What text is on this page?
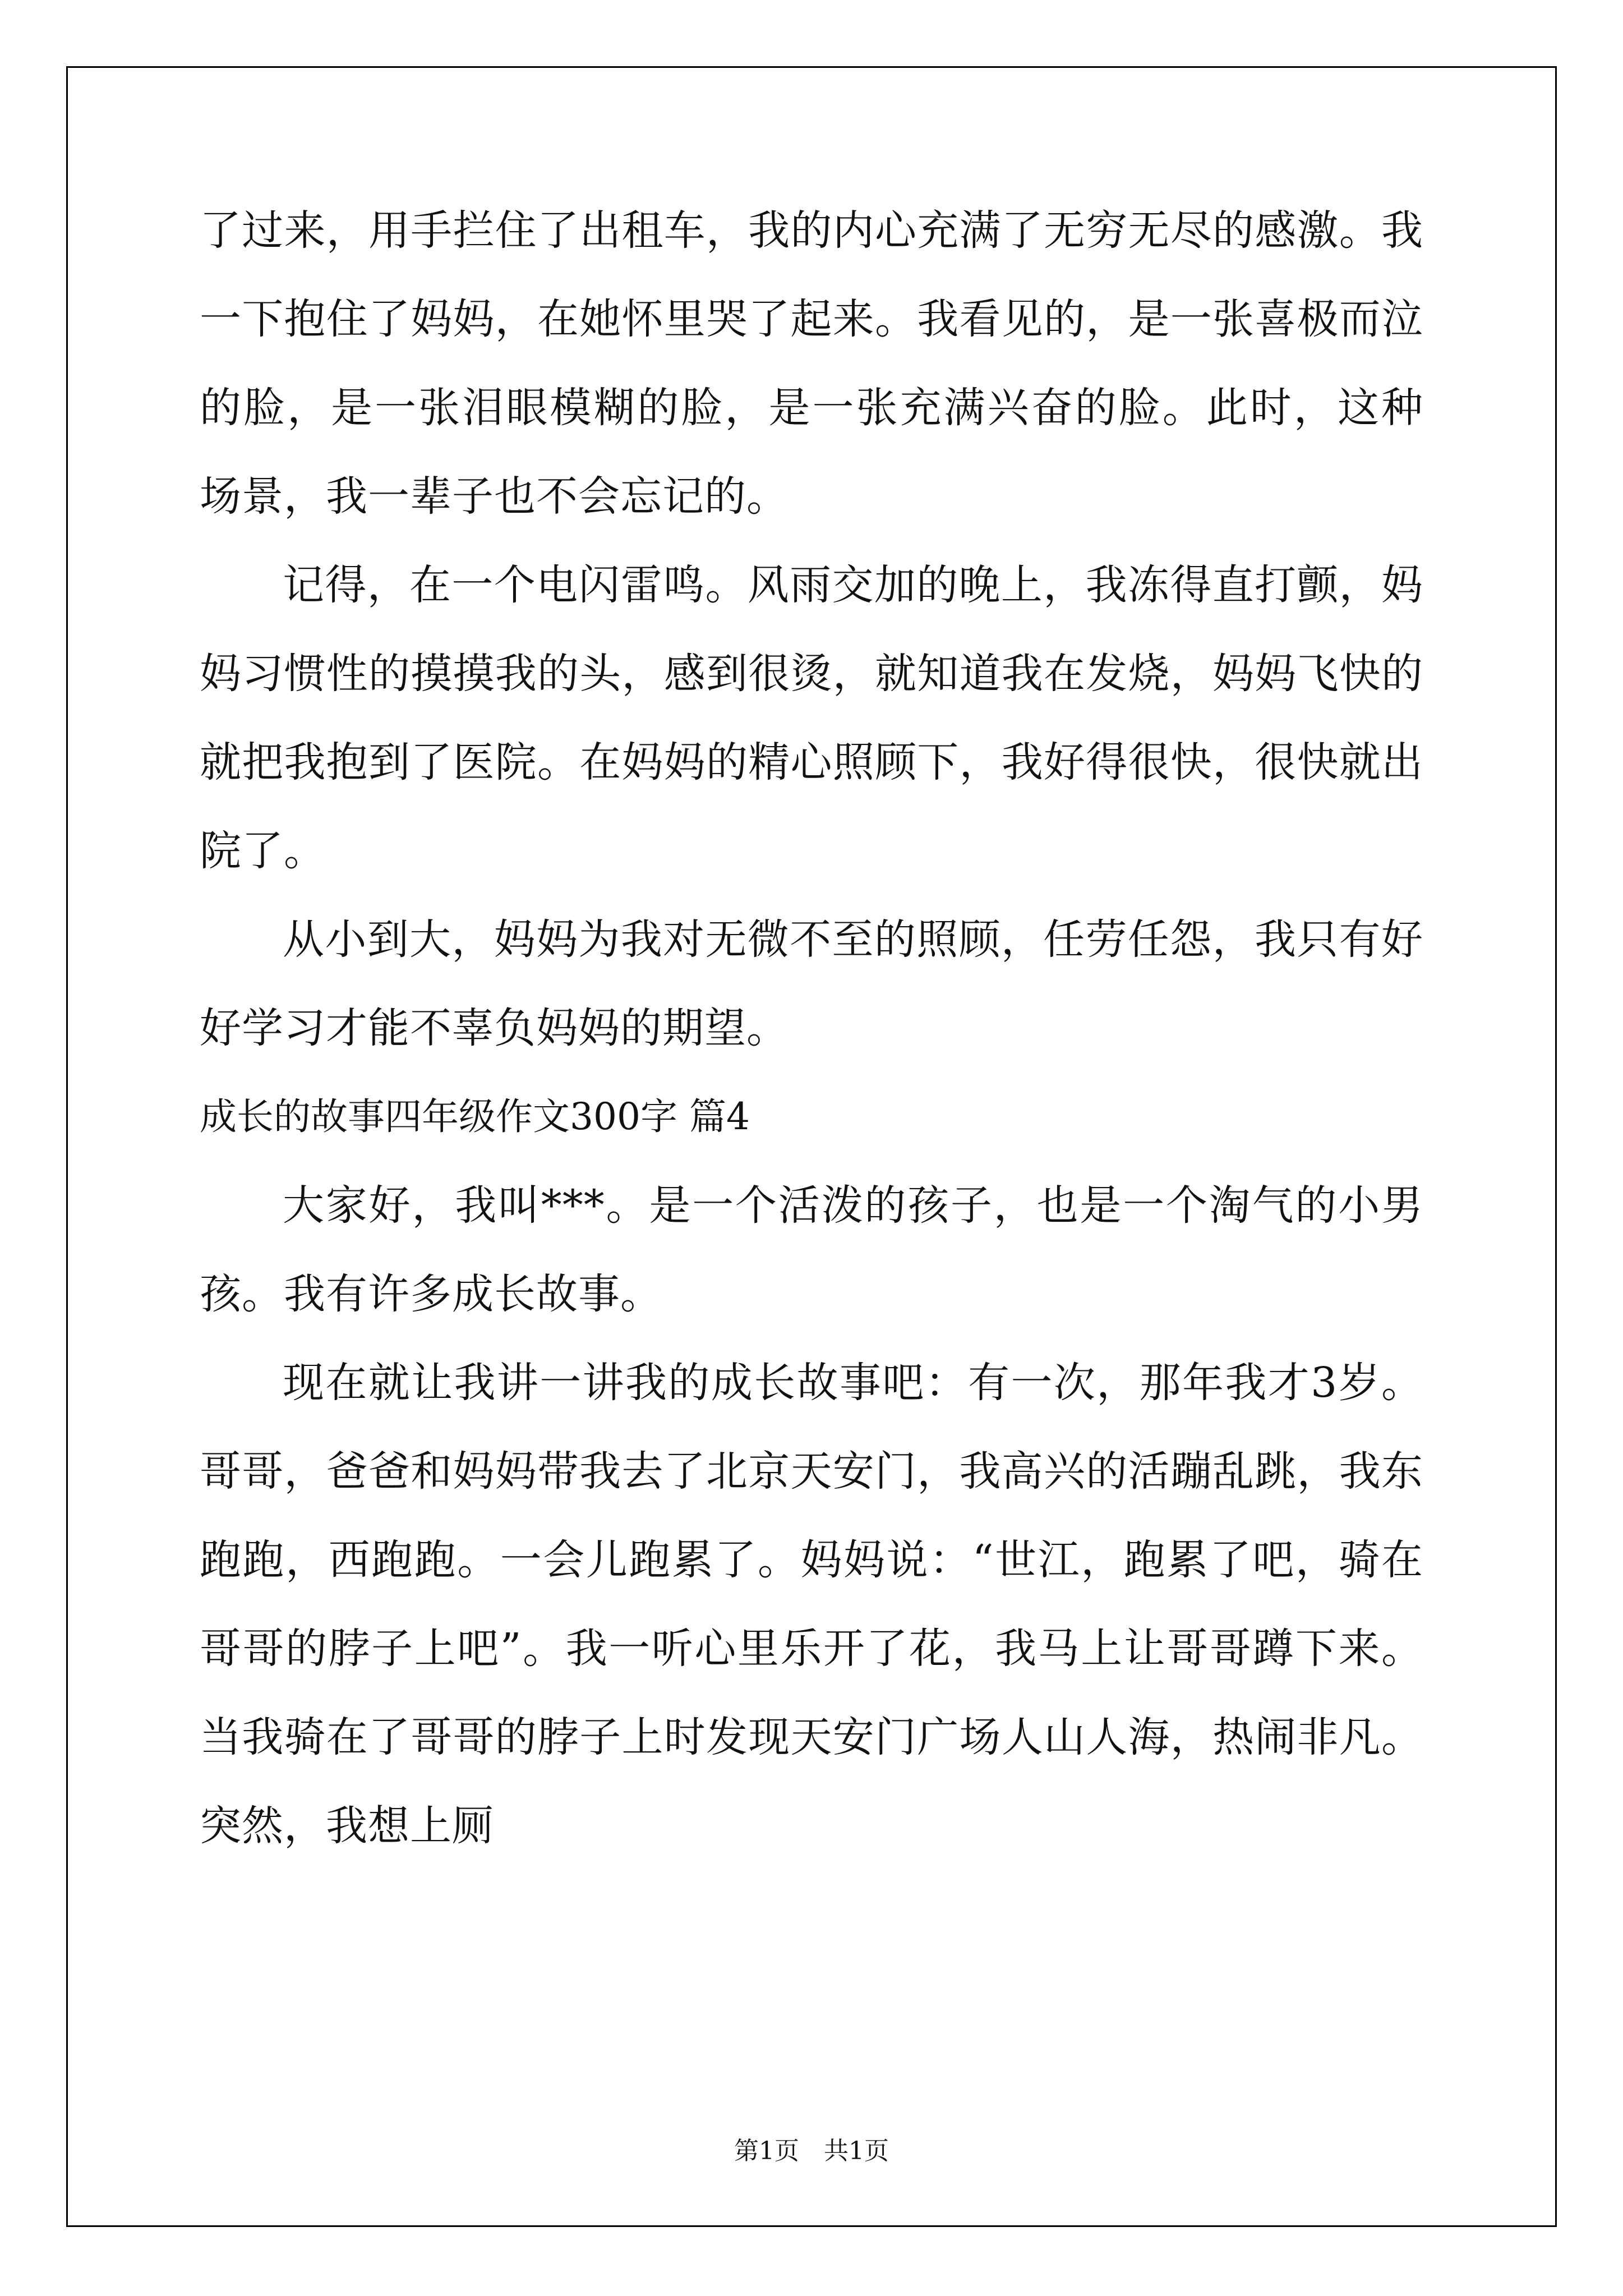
了过来，用手拦住了出租车，我的内心充满了无穷无尽的感激。我一下抱住了妈妈，在她怀里哭了起来。我看见的，是一张喜极而泣的脸，是一张泪眼模糊的脸，是一张充满兴奋的脸。此时，这种 场景，我一辈子也不会忘记的。

记得，在一个电闪雷鸣。风雨交加的晚上，我冻得直打颤，妈妈习惯性的摸摸我的头，感到很烫，就知道我在发烧，妈妈飞快的就把我抱到了医院。在妈妈的精心照顾下，我好得很快，很快就出院了。

从小到大，妈妈为我对无微不至的照顾，任劳任怨，我只有好好学习才能不辜负妈妈的期望。

成长的故事四年级作文300字 篇4

大家好，我叫***。是一个活泼的孩子，也是一个淘气的小男孩。我有许多成长故事。

现在就让我讲一讲我的成长故事吧：有一次，那年我才3岁。哥哥，爸爸和妈妈带我去了北京天安门，我高兴的活蹦乱跳，我东跑跑，西跑跑。一会儿跑累了。妈妈说：“世江，跑累了吧，骑在哥哥的脖子上吧”。我一听心里乐开了花，我马上让哥哥蹲下来。当我骑在了哥哥的脖子上时发现天安门广场人山人海，热闹非凡。突然，我想上厕

第1页　共1页
